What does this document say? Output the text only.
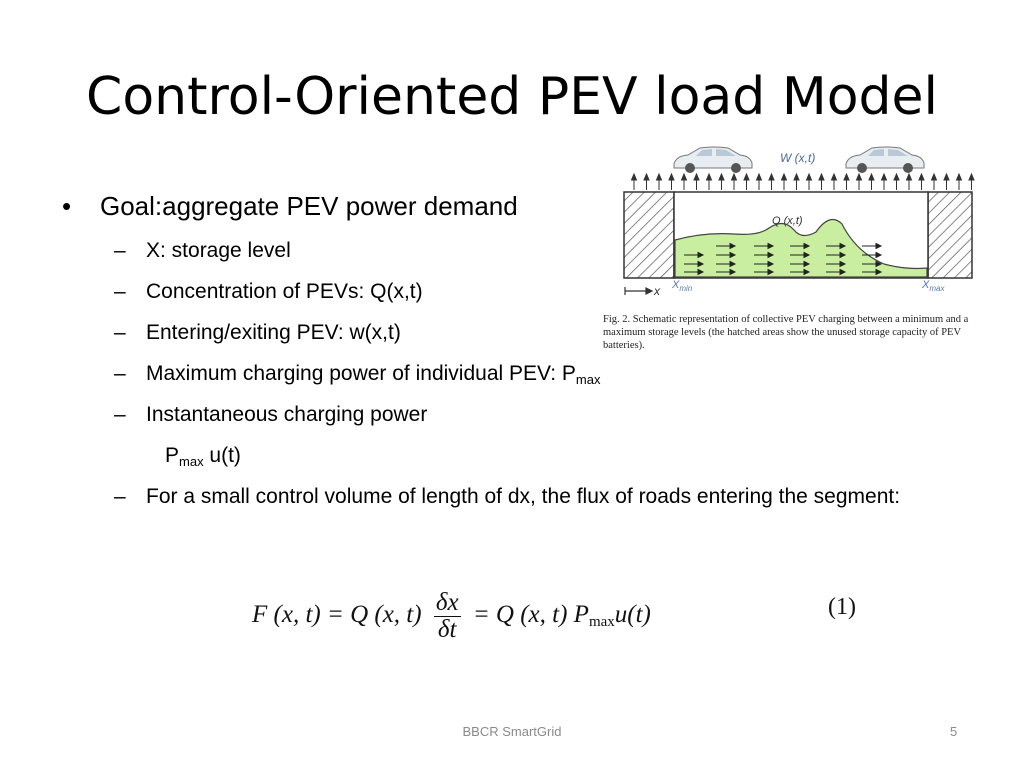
Control-Oriented PEV load Model
• Goal:aggregate PEV power demand
– X: storage level
– Concentration of PEVs: Q(x,t)
– Entering/exiting PEV: w(x,t)
– Maximum charging power of individual PEV: $P_{max}$
– Instantaneous charging power
$P_{max}$ u(t)
– For a small control volume of length of dx, the flux of roads entering the segment:
W (x,t)
Q (x,t)
x $X_{min}$	$X_{max}$
Fig. 2. Schematic representation of collective PEV charging between a minimum and a maximum storage levels (the hatched areas show the unused storage capacity of PEV batteries).
F (x, t) = Q (x, $t) \frac{\delta x}{\delta t} = Q$ (x, t) Pmaxu(t)	(1)
BBCR SmartGrid	5
